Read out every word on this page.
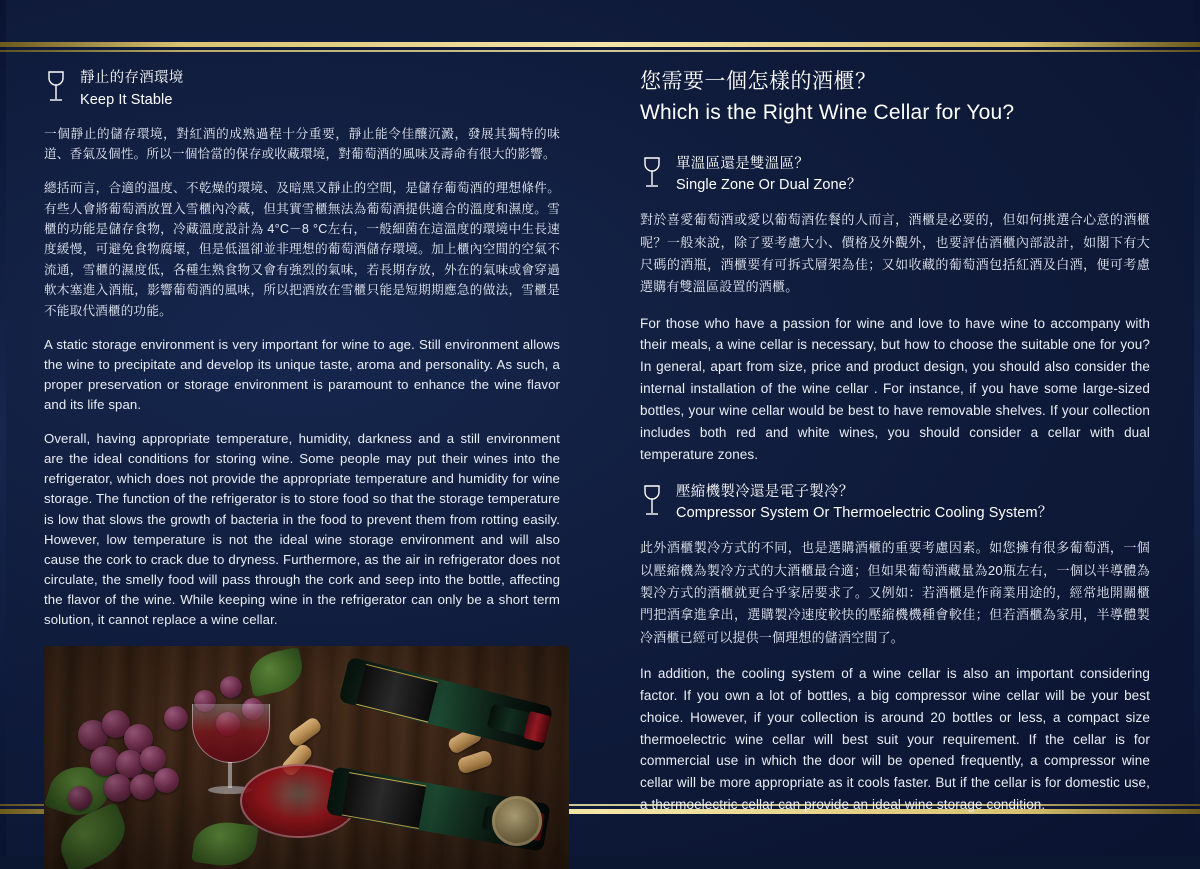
靜止的存酒環境
Keep It Stable

一個靜止的儲存環境，對紅酒的成熟過程十分重要，靜止能令佳釀沉澱，發展其獨特的味道、香氣及個性。所以一個恰當的保存或收藏環境，對葡萄酒的風味及壽命有很大的影響。

總括而言，合適的溫度、不乾燥的環境、及暗黑又靜止的空間，是儲存葡萄酒的理想條件。有些人會將葡萄酒放置入雪櫃內冷藏，但其實雪櫃無法為葡萄酒提供適合的溫度和濕度。雪櫃的功能是儲存食物，冷藏溫度設計為 4°C－8 °C左右，一般細菌在這溫度的環境中生長速度緩慢，可避免食物腐壞，但是低溫卻並非理想的葡萄酒儲存環境。加上櫃內空間的空氣不流通，雪櫃的濕度低，各種生熟食物又會有強烈的氣味，若長期存放，外在的氣味或會穿過軟木塞進入酒瓶，影響葡萄酒的風味，所以把酒放在雪櫃只能是短期期應急的做法，雪櫃是不能取代酒櫃的功能。

A static storage environment is very important for wine to age. Still environment allows the wine to precipitate and develop its unique taste, aroma and personality. As such, a proper preservation or storage environment is paramount to enhance the wine flavor and its life span.

Overall, having appropriate temperature, humidity, darkness and a still environment are the ideal conditions for storing wine. Some people may put their wines into the refrigerator, which does not provide the appropriate temperature and humidity for wine storage. The function of the refrigerator is to store food so that the storage temperature is low that slows the growth of bacteria in the food to prevent them from rotting easily. However, low temperature is not the ideal wine storage environment and will also cause the cork to crack due to dryness. Furthermore, as the air in refrigerator does not circulate, the smelly food will pass through the cork and seep into the bottle, affecting the flavor of the wine. While keeping wine in the refrigerator can only be a short term solution, it cannot replace a wine cellar.

您需要一個怎樣的酒櫃？
Which is the Right Wine Cellar for You?
單溫區還是雙溫區？
Single Zone Or Dual Zone？

對於喜愛葡萄酒或愛以葡萄酒佐餐的人而言，酒櫃是必要的，但如何挑選合心意的酒櫃呢？一般來說，除了要考慮大小、價格及外觀外，也要評估酒櫃內部設計，如閣下有大尺碼的酒瓶，酒櫃要有可拆式層架為佳；又如收藏的葡萄酒包括紅酒及白酒，便可考慮選購有雙溫區設置的酒櫃。

For those who have a passion for wine and love to have wine to accompany with their meals, a wine cellar is necessary, but how to choose the suitable one for you? In general, apart from size, price and product design, you should also consider the internal installation of the wine cellar . For instance, if you have some large-sized bottles, your wine cellar would be best to have removable shelves. If your collection includes both red and white wines, you should consider a cellar with dual temperature zones.

壓縮機製冷還是電子製冷？
Compressor System Or Thermoelectric Cooling System？

此外酒櫃製冷方式的不同，也是選購酒櫃的重要考慮因素。如您擁有很多葡萄酒，一個以壓縮機為製冷方式的大酒櫃最合適；但如果葡萄酒藏量為20瓶左右，一個以半導體為製冷方式的酒櫃就更合乎家居要求了。又例如：若酒櫃是作商業用途的，經常地開關櫃門把酒拿進拿出，選購製冷速度較快的壓縮機機種會較佳；但若酒櫃為家用，半導體製冷酒櫃已經可以提供一個理想的儲酒空間了。

In addition, the cooling system of a wine cellar is also an important considering factor. If you own a lot of bottles, a big compressor wine cellar will be your best choice. However, if your collection is around 20 bottles or less, a compact size thermoelectric wine cellar will best suit your requirement. If the cellar is for commercial use in which the door will be opened frequently, a compressor wine cellar will be more appropriate as it cools faster. But if the cellar is for domestic use, a thermoelectric cellar can provide an ideal wine storage condition.
